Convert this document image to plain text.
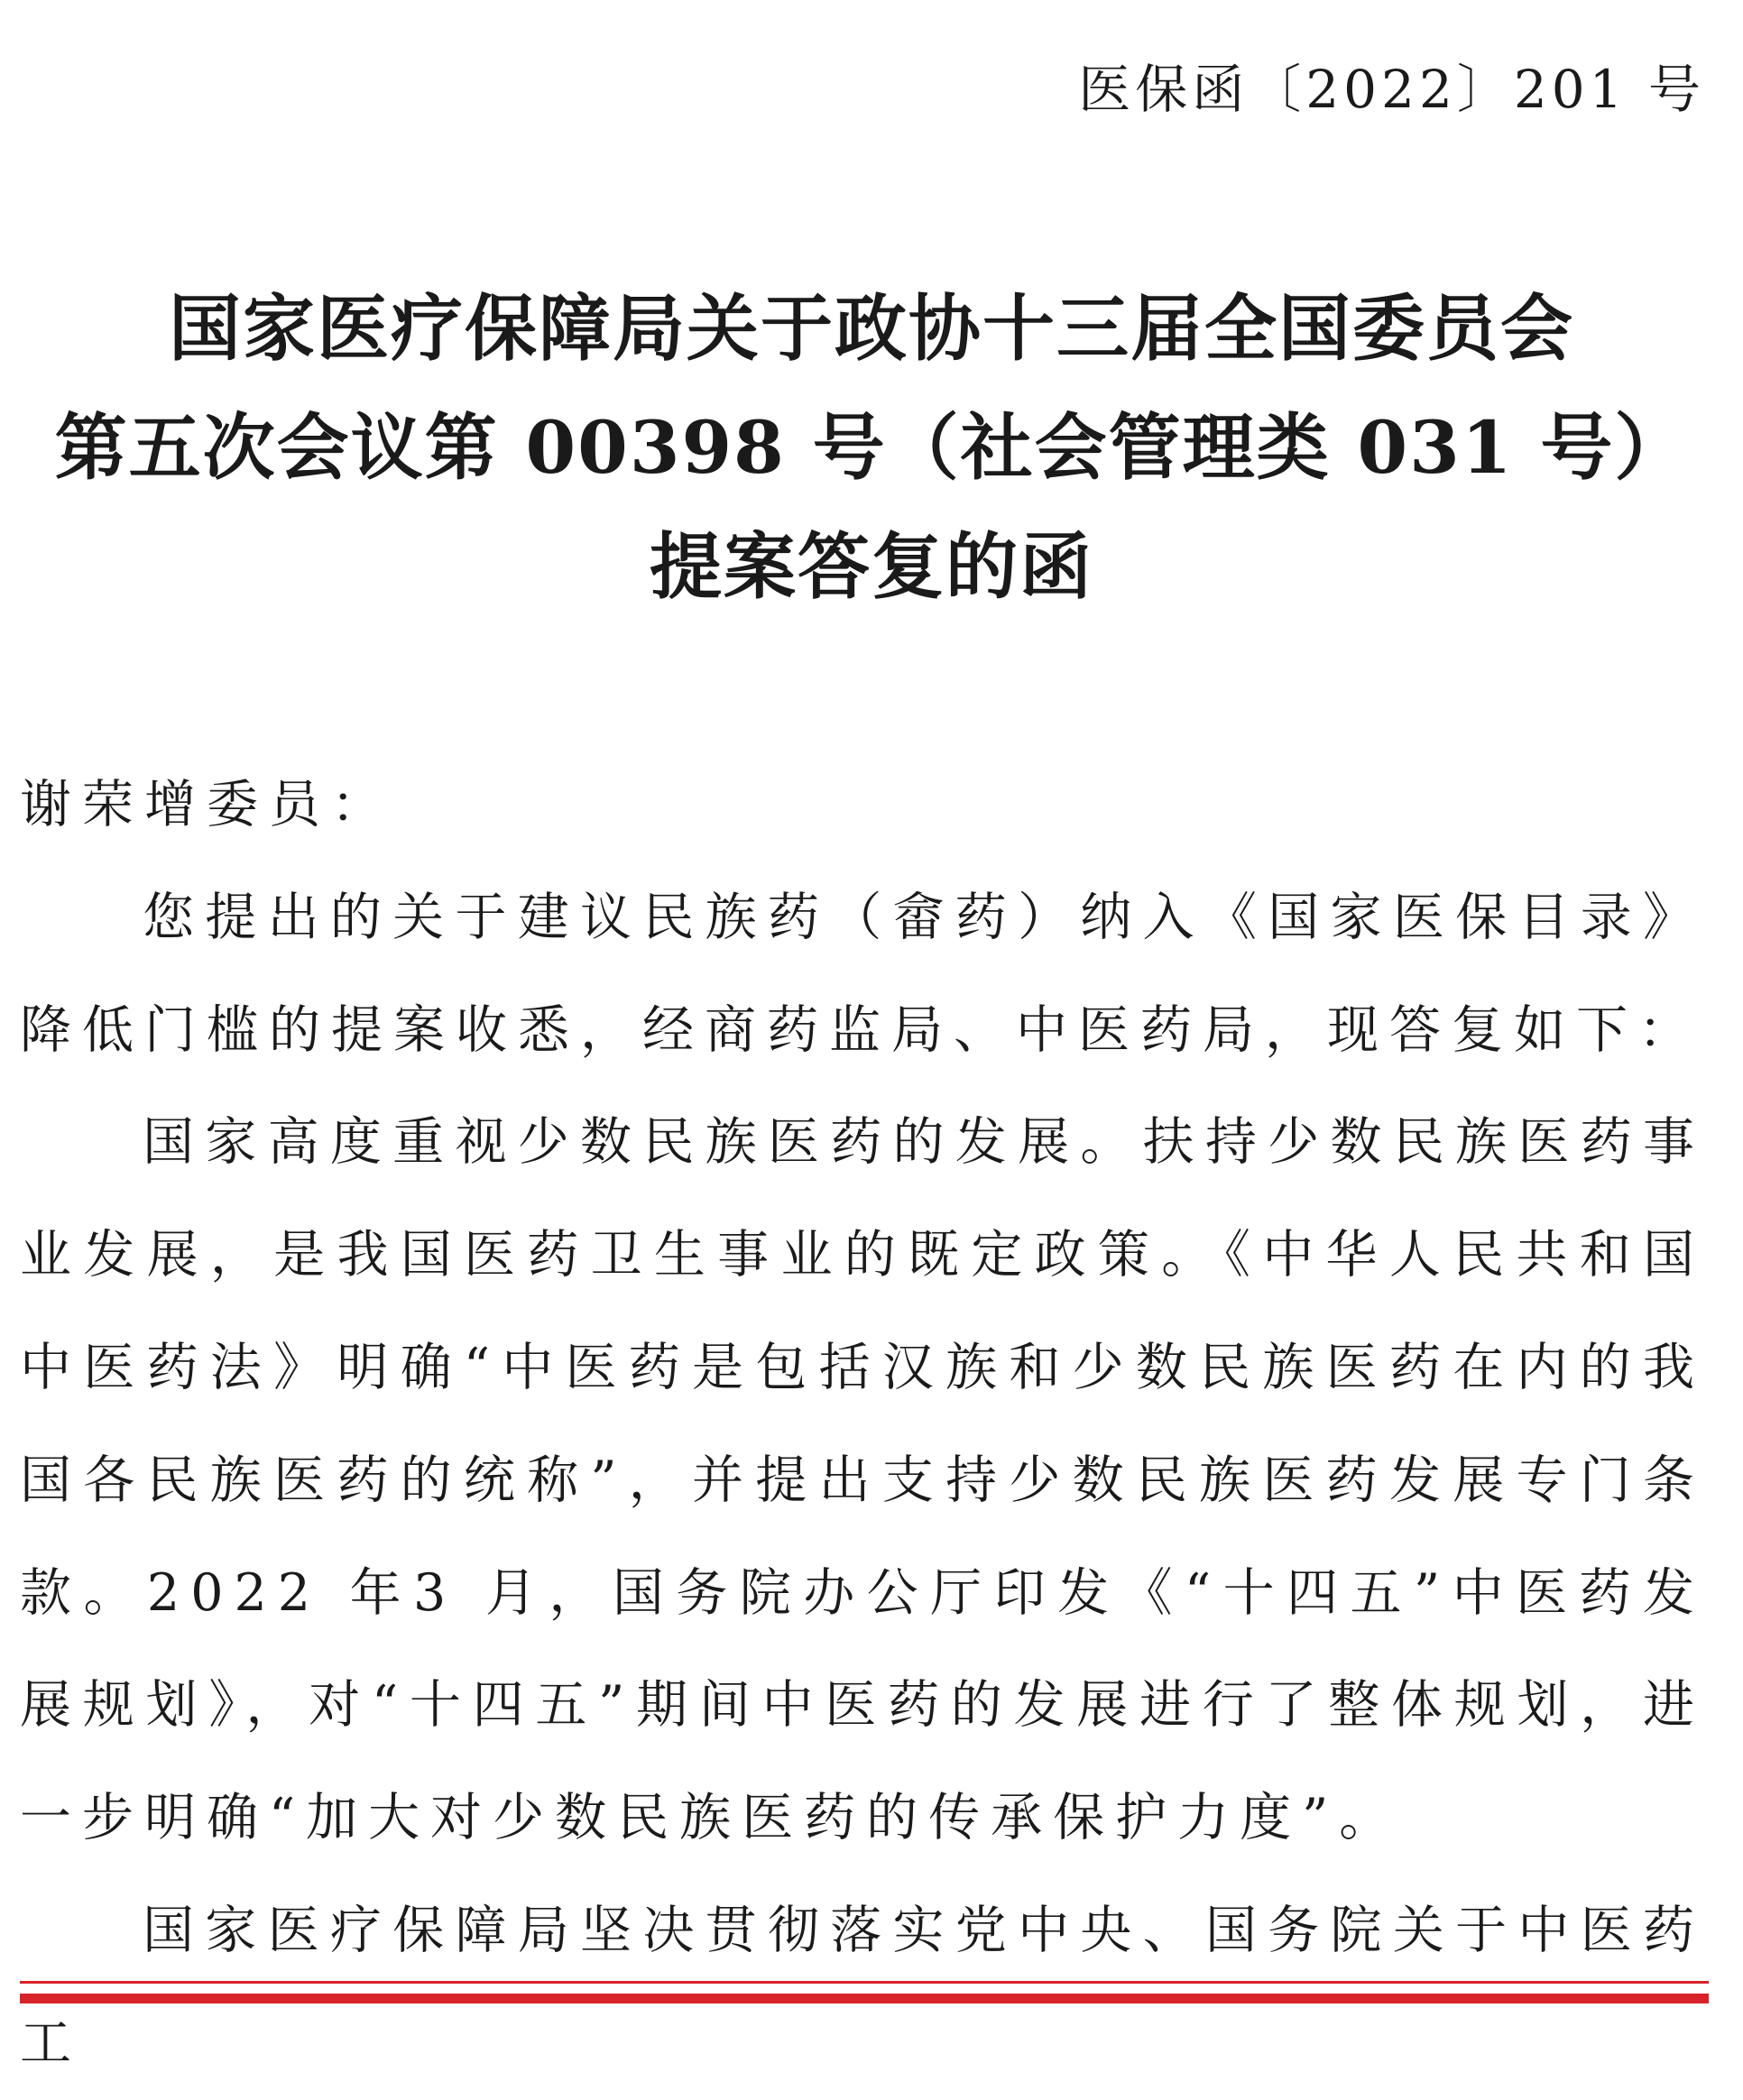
医保函〔2022〕201 号
国家医疗保障局关于政协十三届全国委员会
第五次会议第 00398 号（社会管理类 031 号）
提案答复的函

谢荣增委员：

您提出的关于建议民族药（畲药）纳入《国家医保目录》降低门槛的提案收悉，经商药监局、中医药局，现答复如下：

国家高度重视少数民族医药的发展。扶持少数民族医药事业发展，是我国医药卫生事业的既定政策。《中华人民共和国中医药法》明确“中医药是包括汉族和少数民族医药在内的我国各民族医药的统称”，并提出支持少数民族医药发展专门条款。2022 年3 月，国务院办公厅印发《“十四五”中医药发展规划》，对“十四五”期间中医药的发展进行了整体规划，进一步明确“加大对少数民族医药的传承保护力度”。

国家医疗保障局坚决贯彻落实党中央、国务院关于中医药工
